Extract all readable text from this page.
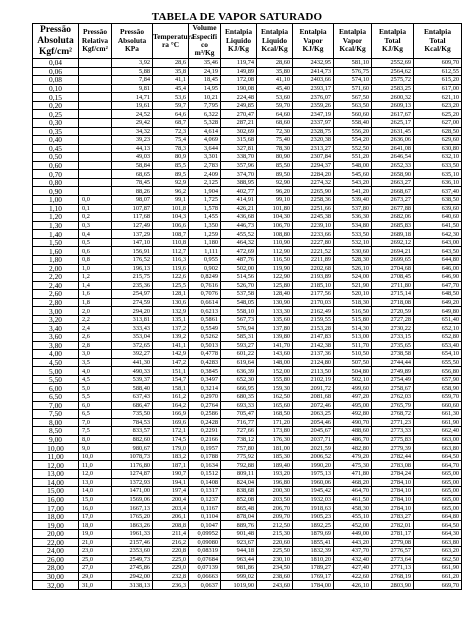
TABELA DE VAPOR SATURADO
Pressão
Absoluta
Kgf/cm²	Pressão
Relativa
Kgf/cm²	Pressão
Absoluta
KPa	Temperatura
ra °C	Volume
Especifi
co
m³/Kg	Entalpia
Liquido
KJ/Kg	Entalpia
Liquido
Kcal/Kg	Entalpia
Vapor
KJ/Kg	Entalpia
Vapor
Kcal/Kg	Entalpia
Total
KJ/Kg	Entalpia
Total
Kcal/Kg

0,04		3,92	28,6	35,46	119,74	28,60	2432,95	581,10	2552,69	609,70
0,06		5,88	35,8	24,19	149,89	35,80	2414,73	576,75	2564,62	612,55
0,08		7,84	41,1	18,45	172,08	41,10	2403,66	574,10	2575,72	615,20
0,10		9,81	45,4	14,95	190,08	45,40	2393,17	571,60	2583,25	617,00
0,15		14,71	53,6	10,21	224,48	53,60	2376,07	567,50	2600,32	621,10
0,20		19,61	59,7	7,795	249,85	59,70	2359,26	563,50	2609,13	623,20
0,25		24,52	64,6	6,322	270,47	64,60	2347,19	560,60	2617,67	625,20
0,30		29,42	68,7	5,328	287,21	68,60	2337,97	558,40	2625,17	627,00
0,35		34,32	72,3	4,614	302,69	72,30	2328,75	556,20	2631,45	628,50
0,40		39,23	75,4	4,069	315,68	75,40	2320,38	554,20	2636,06	629,60
0,45		44,13	78,3	3,644	327,81	78,30	2313,27	552,50	2641,08	630,80
0,50		49,03	80,9	3,301	338,70	80,90	2307,84	551,20	2646,54	632,10
0,60		58,84	85,5	2,783	357,96	85,50	2294,37	548,00	2652,33	633,50
0,70		68,65	89,5	2,409	374,70	89,50	2284,20	545,60	2658,90	635,10
0,80		78,45	92,9	2,125	388,95	92,90	2274,32	543,20	2663,27	636,10
0,90		88,26	96,2	1,904	402,77	96,20	2265,90	541,20	2668,67	637,40
1,00	0,0	98,07	99,1	1,725	414,91	99,10	2258,36	539,40	2673,27	638,50
1,10	0,1	107,87	101,8	1,578	426,21	101,80	2251,66	537,80	2677,88	639,60
1,20	0,2	117,68	104,3	1,455	436,68	104,30	2245,38	536,30	2682,06	640,60
1,30	0,3	127,49	106,6	1,350	446,73	106,70	2239,10	534,80	2685,83	641,50
1,40	0,4	137,29	108,7	1,259	455,52	108,80	2233,66	533,50	2689,18	642,30
1,50	0,5	147,10	110,8	1,180	464,32	110,90	2227,80	532,10	2692,12	643,00
1,60	0,6	156,91	112,7	1,111	472,69	112,90	2221,52	530,60	2694,21	643,50
1,80	0,8	176,52	116,3	0,955	487,76	116,50	2211,89	528,30	2699,65	644,80
2,00	1,0	196,13	119,6	0,902	502,00	119,90	2202,68	526,10	2704,68	646,00
2,20	1,2	215,75	122,6	0,8249	514,56	122,90	2193,89	524,00	2708,45	646,90
2,40	1,4	235,36	125,5	0,7616	526,70	125,80	2185,10	521,90	2711,80	647,70
2,60	1,6	254,97	128,1	0,7076	537,58	128,40	2177,56	520,10	2715,14	648,50
2,80	1,8	274,59	130,6	0,6614	548,05	130,90	2170,03	518,30	2718,08	649,20
3,00	2,0	294,20	132,9	0,6213	558,10	133,30	2162,49	516,50	2720,59	649,80
3,20	2,2	313,81	135,1	0,5861	567,73	135,60	2159,55	515,80	2727,28	651,40
3,40	2,4	333,43	137,2	0,5549	576,94	137,80	2153,28	514,30	2730,22	652,10
3,60	2,6	353,04	139,2	0,5262	585,31	139,80	2147,83	513,00	2733,15	652,80
3,80	2,8	372,65	141,1	0,5013	593,27	141,70	2142,38	511,70	2735,65	653,40
4,00	3,0	392,27	142,9	0,4778	601,22	143,60	2137,36	510,50	2738,58	654,10
4,50	3,5	441,30	147,2	0,4283	619,64	148,00	2124,80	507,50	2744,44	655,50
5,00	4,0	490,33	151,1	0,3845	636,39	152,00	2113,50	504,80	2749,89	656,80
5,50	4,5	539,37	154,7	0,3497	652,30	155,80	2102,19	502,10	2754,49	657,90
6,00	5,0	588,40	158,1	0,3214	666,95	159,30	2091,72	499,60	2758,67	658,90
6,50	5,5	637,43	161,2	0,2970	680,35	162,50	2081,68	497,20	2762,03	659,70
7,00	6,0	686,47	164,2	0,2764	693,33	165,60	2072,46	495,00	2765,79	660,60
7,50	6,5	735,50	166,9	0,2586	705,47	168,50	2063,25	492,80	2768,72	661,30
8,00	7,0	784,53	169,6	0,2428	716,77	171,20	2054,46	490,70	2771,23	661,90
8,50	7,5	833,57	172,1	0,2291	727,66	173,80	2045,67	488,60	2773,33	662,40
9,00	8,0	882,60	174,5	0,2166	738,12	176,30	2037,71	486,70	2775,83	663,00
10,00	9,0	980,67	179,0	0,1957	757,80	181,00	2021,59	482,80	2779,39	663,80
11,00	10,0	1078,73	183,2	0,1788	775,92	185,30	2006,52	479,20	2782,44	664,50
12,00	11,0	1176,80	187,1	0,1634	792,88	189,40	1990,20	475,30	2783,08	664,70
13,00	12,0	1274,87	190,7	0,1512	809,11	193,20	1975,13	471,80	2784,24	665,00
14,00	13,0	1372,93	194,1	0,1408	824,04	196,80	1960,06	468,20	2784,10	665,00
15,00	14,0	1471,00	197,4	0,1317	838,68	200,30	1945,42	464,70	2784,10	665,00
16,00	15,0	1569,06	200,4	0,1237	852,08	203,50	1932,03	461,50	2784,10	665,00
17,00	16,0	1667,13	203,4	0,1167	865,48	206,70	1918,63	458,30	2784,10	665,00
18,00	17,0	1765,20	206,1	0,1104	878,04	209,70	1905,23	455,10	2783,27	664,80
19,00	18,0	1863,26	208,8	0,1047	889,76	212,50	1892,25	452,00	2782,01	664,50
20,00	19,0	1961,33	211,4	0,09952	901,48	215,30	1879,69	449,00	2781,17	664,30
22,00	21,0	2157,46	216,2	0,09080	923,67	220,60	1855,41	443,20	2779,08	663,80
24,00	23,0	2353,60	220,8	0,08319	944,18	225,50	1832,39	437,70	2776,57	663,20
26,00	25,0	2549,73	225,0	0,07684	963,44	230,10	1810,20	432,40	2773,64	662,50
28,00	27,0	2745,86	229,0	0,07139	981,86	234,50	1789,27	427,40	2771,13	661,90
30,00	29,0	2942,00	232,8	0,06663	999,02	238,60	1769,17	422,60	2768,19	661,20
32,00	31,0	3138,13	236,3	0,0637	1019,90	243,60	1784,00	426,10	2803,90	669,70
